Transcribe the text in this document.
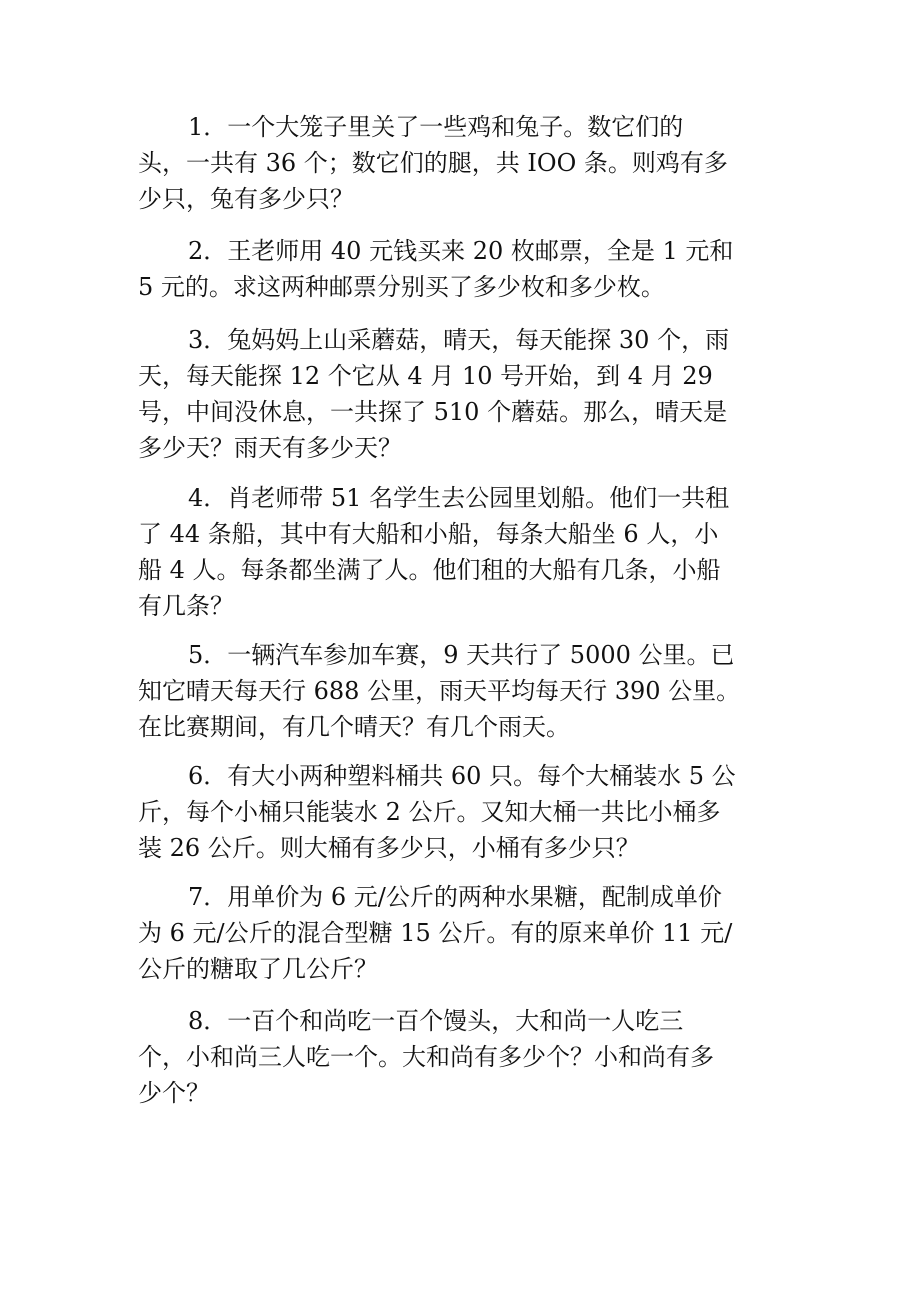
1．一个大笼子里关了一些鸡和兔子。数它们的
头，一共有 36 个；数它们的腿，共 IOO 条。则鸡有多
少只，兔有多少只？
2．王老师用 40 元钱买来 20 枚邮票，全是 1 元和
5 元的。求这两种邮票分别买了多少枚和多少枚。
3．兔妈妈上山采蘑菇，晴天，每天能探 30 个，雨
天，每天能探 12 个它从 4 月 10 号开始，到 4 月 29
号，中间没休息，一共探了 510 个蘑菇。那么，晴天是
多少天？雨天有多少天？
4．肖老师带 51 名学生去公园里划船。他们一共租
了 44 条船，其中有大船和小船，每条大船坐 6 人，小
船 4 人。每条都坐满了人。他们租的大船有几条，小船
有几条？
5．一辆汽车参加车赛，9 天共行了 5000 公里。已
知它晴天每天行 688 公里，雨天平均每天行 390 公里。
在比赛期间，有几个晴天？有几个雨天。
6．有大小两种塑料桶共 60 只。每个大桶装水 5 公
斤，每个小桶只能装水 2 公斤。又知大桶一共比小桶多
装 26 公斤。则大桶有多少只，小桶有多少只？
7．用单价为 6 元/公斤的两种水果糖，配制成单价
为 6 元/公斤的混合型糖 15 公斤。有的原来单价 11 元/
公斤的糖取了几公斤？
8．一百个和尚吃一百个馒头，大和尚一人吃三
个，小和尚三人吃一个。大和尚有多少个？小和尚有多
少个？
